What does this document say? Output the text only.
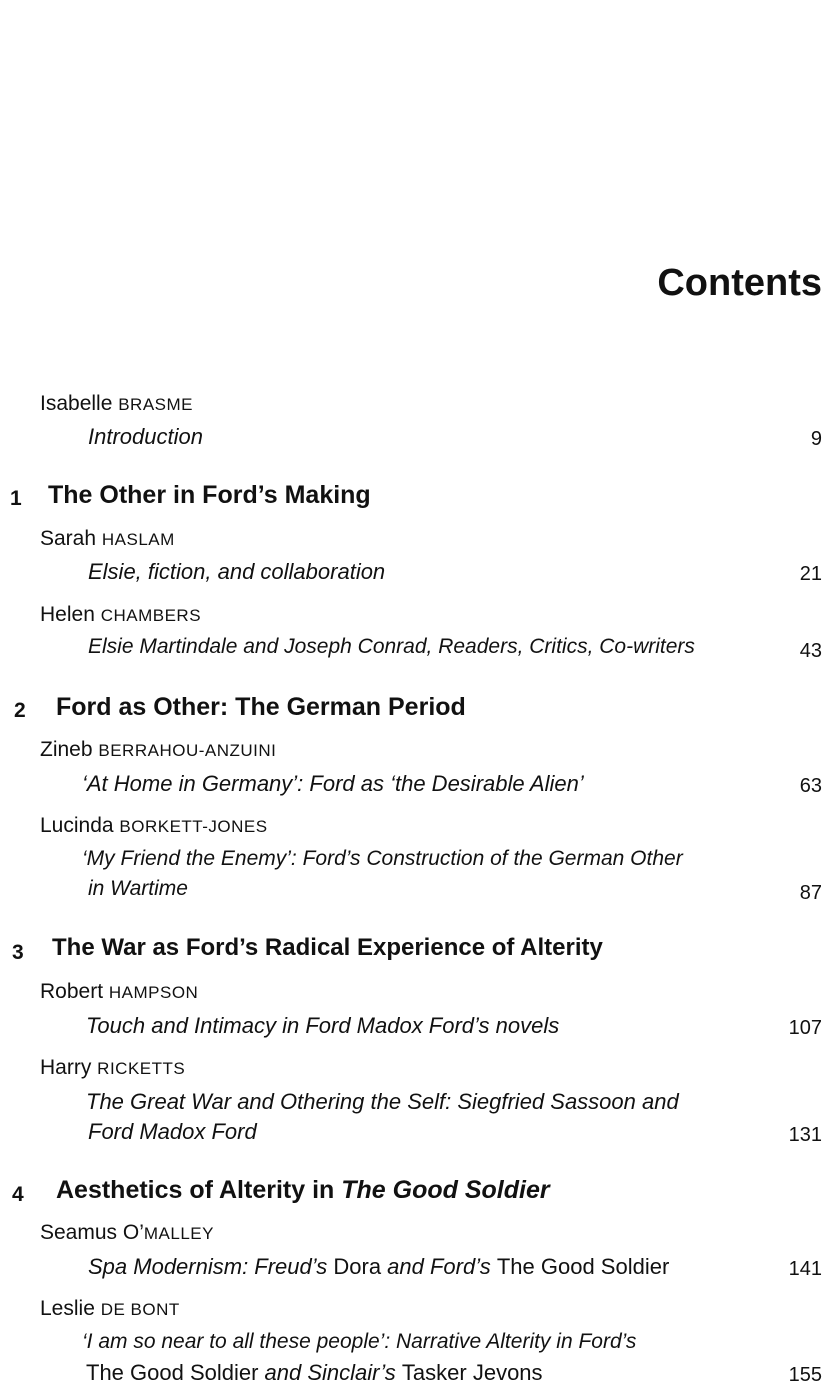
Contents
Isabelle BRASME
Introduction	9
1 The Other in Ford’s Making
Sarah HASLAM
Elsie, fiction, and collaboration	21
Helen CHAMBERS
Elsie Martindale and Joseph Conrad, Readers, Critics, Co-writers	43
2 Ford as Other: The German Period
Zineb BERRAHOU-ANZUINI
‘At Home in Germany’: Ford as ‘the Desirable Alien’	63
Lucinda BORKETT-JONES
‘My Friend the Enemy’: Ford’s Construction of the German Other
in Wartime	87
3 The War as Ford’s Radical Experience of Alterity
Robert HAMPSON
Touch and Intimacy in Ford Madox Ford’s novels	107
Harry RICKETTS
The Great War and Othering the Self: Siegfried Sassoon and
Ford Madox Ford	131
4 Aesthetics of Alterity in The Good Soldier
Seamus O’MALLEY
Spa Modernism: Freud’s Dora and Ford’s The Good Soldier	141
Leslie DE BONT
‘I am so near to all these people’: Narrative Alterity in Ford’s
The Good Soldier and Sinclair’s Tasker Jevons	155
